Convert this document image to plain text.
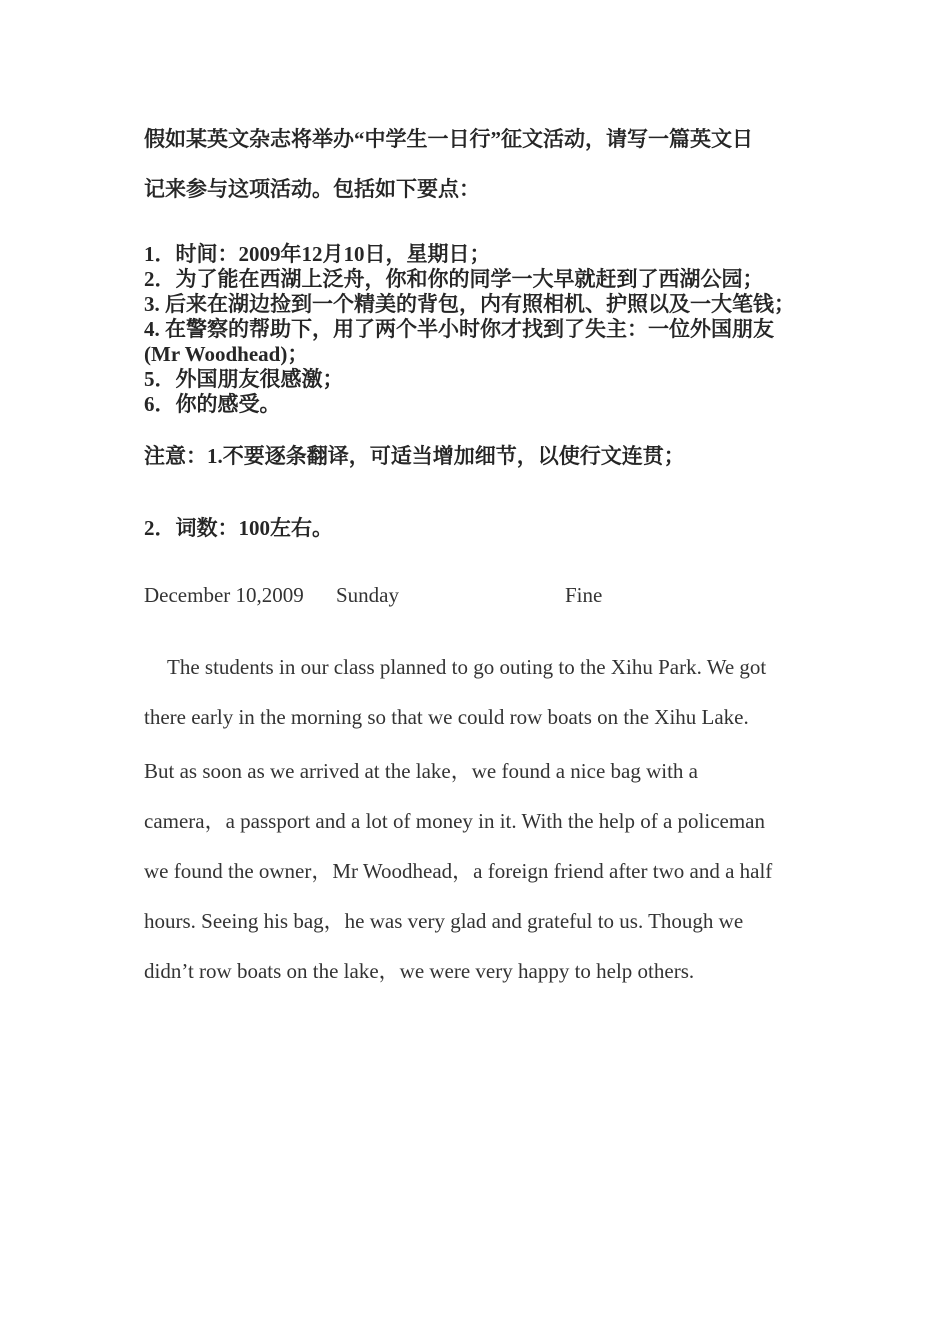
假如某英文杂志将举办“中学生一日行”征文活动，请写一篇英文日
记来参与这项活动。包括如下要点：
1．时间：2009年12月10日，星期日；
2．为了能在西湖上泛舟，你和你的同学一大早就赶到了西湖公园；
3. 后来在湖边捡到一个精美的背包，内有照相机、护照以及一大笔钱；
4. 在警察的帮助下，用了两个半小时你才找到了失主：一位外国朋友
(Mr Woodhead)；
5．外国朋友很感激；
6．你的感受。
注意：1.不要逐条翻译，可适当增加细节，以使行文连贯；
2．词数：100左右。
December 10,2009 Sunday	Fine
The students in our class planned to go outing to the Xihu Park. We got
there early in the morning so that we could row boats on the Xihu Lake.
But as soon as we arrived at the lake，we found a nice bag with a
camera，a passport and a lot of money in it. With the help of a policeman
we found the owner，Mr Woodhead，a foreign friend after two and a half
hours. Seeing his bag，he was very glad and grateful to us. Though we
didn’t row boats on the lake，we were very happy to help others.
